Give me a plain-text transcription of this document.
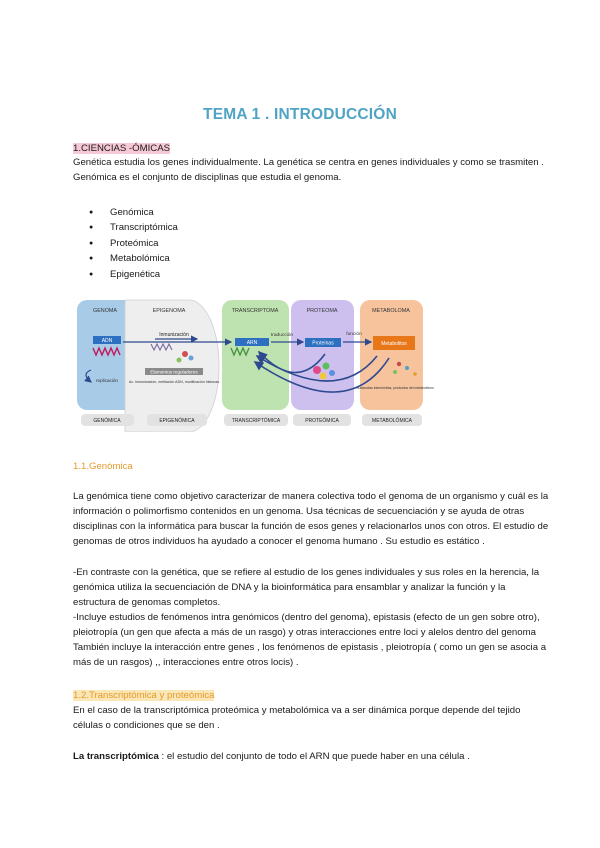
TEMA 1 . INTRODUCCIÓN
1.CIENCIAS -ÓMICAS
Genética estudia los genes individualmente. La genética se centra en genes individuales y como se trasmiten .
Genómica es el conjunto de disciplinas que estudia el genoma.
● Genómica
● Transcriptómica
● Proteómica
● Metabolómica
● Epigenética
GENOMA	EPIGENOMA	TRANSCRIPTOMA	PROTEOMA	METABOLOMA
ADN
replicación
Inmunización
Elementos reguladores
Ac. Inmunización, metilación ADN, modificación histonas
ARN
traducción
Proteínas
función
Metabolitos
Sustancias intermedias, productos del metabolismo
GENÓMICA	EPIGENÓMICA	TRANSCRIPTÓMICA	PROTEÓMICA	METABOLÓMICA
1.1.Genómica
La genómica tiene como objetivo caracterizar de manera colectiva todo el genoma de un organismo y cuál es la
información o polimorfismo contenidos en un genoma. Usa técnicas de secuenciación y se ayuda de otras
disciplinas con la informática para buscar la función de esos genes y relacionarlos unos con otros. El estudio de
genomas de otros individuos ha ayudado a conocer el genoma humano . Su estudio es estático .
-En contraste con la genética, que se refiere al estudio de los genes individuales y sus roles en la herencia, la
genómica utiliza la secuenciación de DNA y la bioinformática para ensamblar y analizar la función y la
estructura de genomas completos.
-Incluye estudios de fenómenos intra genómicos (dentro del genoma), epistasis (efecto de un gen sobre otro),
pleiotropía (un gen que afecta a más de un rasgo) y otras interacciones entre loci y alelos dentro del genoma
También incluye la interacción entre genes , los fenómenos de epistasis , pleiotropía ( como un gen se asocia a
más de un rasgos) ,, interacciones entre otros locis) .
1.2.Transcriptómica y proteómica
En el caso de la transcriptómica proteómica y metabolómica va a ser dinámica porque depende del tejido
células o condiciones que se den .
La transcriptómica : el estudio del conjunto de todo el ARN que puede haber en una célula .
